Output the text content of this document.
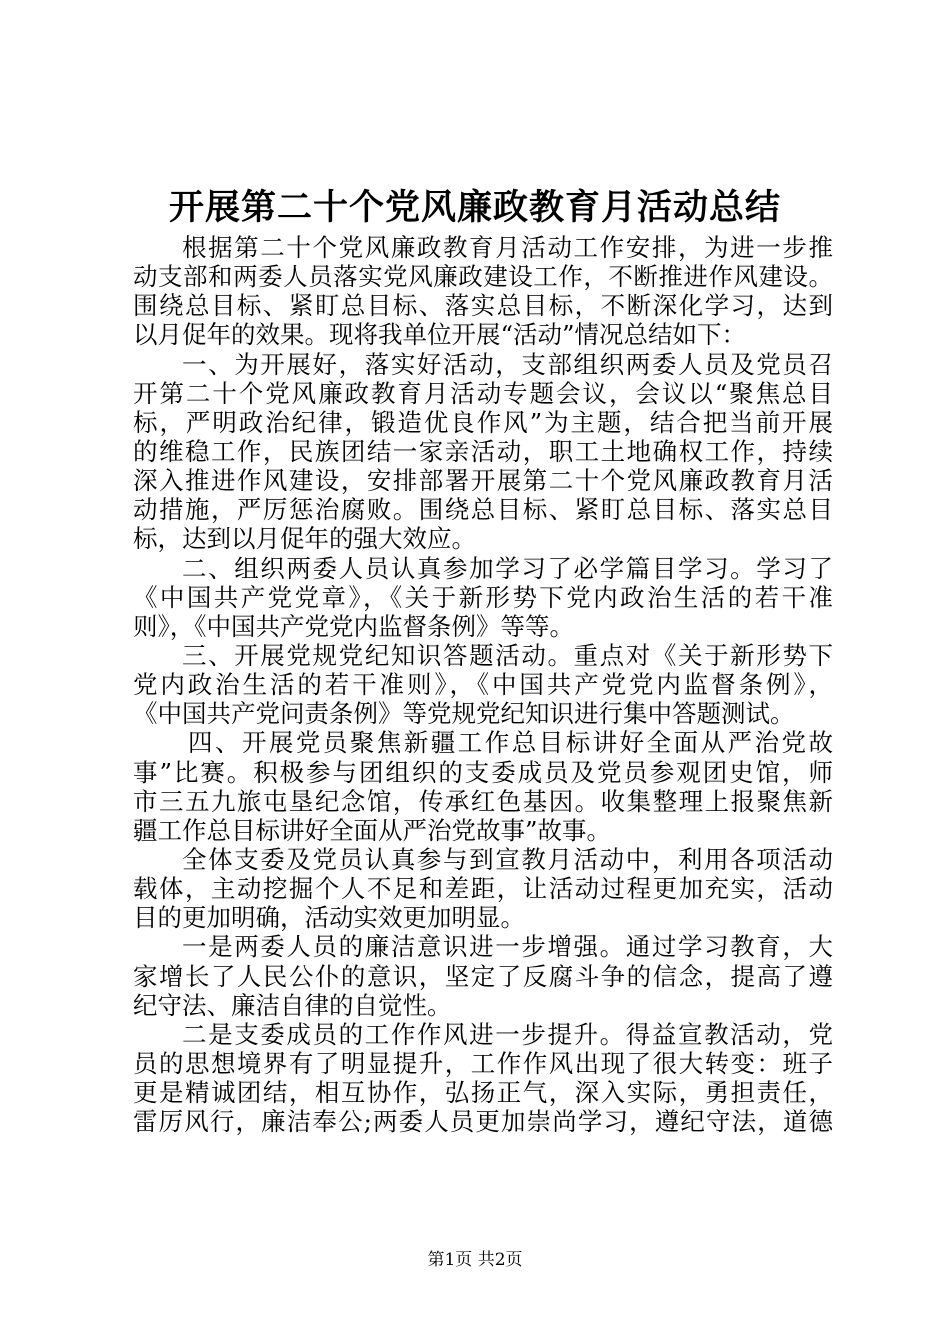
开展第二十个党风廉政教育月活动总结
根据第二十个党风廉政教育月活动工作安排，为进一步推
动支部和两委人员落实党风廉政建设工作，不断推进作风建设。
围绕总目标、紧盯总目标、落实总目标，不断深化学习，达到
以月促年的效果。现将我单位开展“活动”情况总结如下：
一、为开展好，落实好活动，支部组织两委人员及党员召
开第二十个党风廉政教育月活动专题会议，会议以“聚焦总目
标，严明政治纪律，锻造优良作风”为主题，结合把当前开展
的维稳工作，民族团结一家亲活动，职工土地确权工作，持续
深入推进作风建设，安排部署开展第二十个党风廉政教育月活
动措施，严厉惩治腐败。围绕总目标、紧盯总目标、落实总目
标，达到以月促年的强大效应。
二、组织两委人员认真参加学习了必学篇目学习。学习了
《中国共产党党章》，《关于新形势下党内政治生活的若干准
则》，《中国共产党党内监督条例》等等。
三、开展党规党纪知识答题活动。重点对《关于新形势下
党内政治生活的若干准则》，《中国共产党党内监督条例》，
《中国共产党问责条例》等党规党纪知识进行集中答题测试。
四、开展党员聚焦新疆工作总目标讲好全面从严治党故
事”比赛。积极参与团组织的支委成员及党员参观团史馆，师
市三五九旅屯垦纪念馆，传承红色基因。收集整理上报聚焦新
疆工作总目标讲好全面从严治党故事”故事。
全体支委及党员认真参与到宣教月活动中，利用各项活动
载体，主动挖掘个人不足和差距，让活动过程更加充实，活动
目的更加明确，活动实效更加明显。
一是两委人员的廉洁意识进一步增强。通过学习教育，大
家增长了人民公仆的意识，坚定了反腐斗争的信念，提高了遵
纪守法、廉洁自律的自觉性。
二是支委成员的工作作风进一步提升。得益宣教活动，党
员的思想境界有了明显提升，工作作风出现了很大转变：班子
更是精诚团结，相互协作，弘扬正气，深入实际，勇担责任，
雷厉风行，廉洁奉公;两委人员更加崇尚学习，遵纪守法，道德
第1页 共2页
